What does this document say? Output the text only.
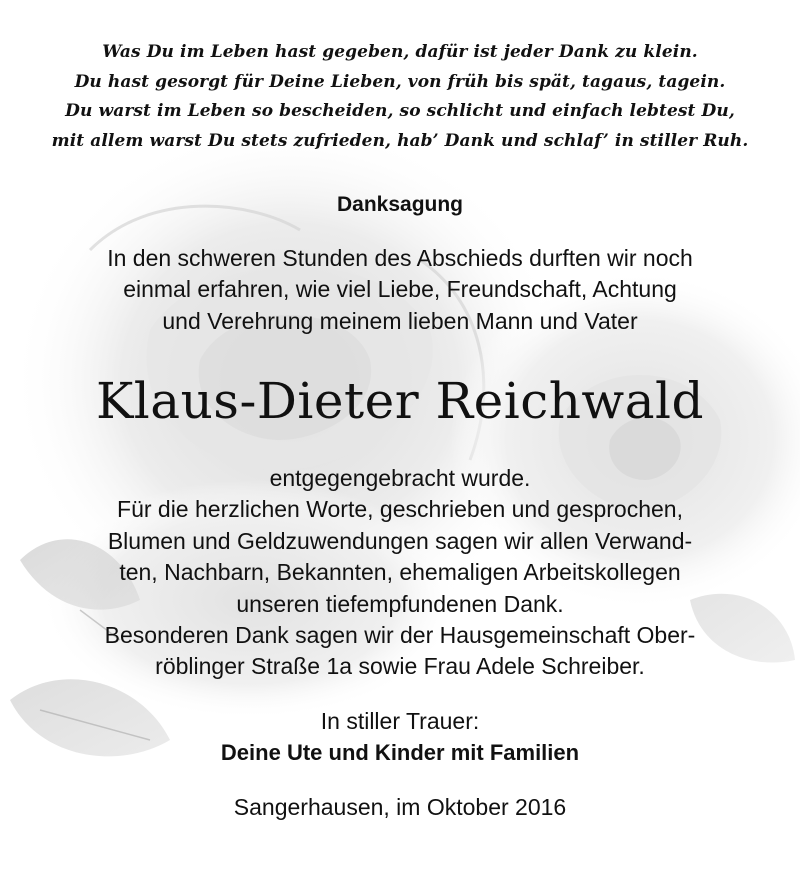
Was Du im Leben hast gegeben, dafür ist jeder Dank zu klein.
Du hast gesorgt für Deine Lieben, von früh bis spät, tagaus, tagein.
Du warst im Leben so bescheiden, so schlicht und einfach lebtest Du,
mit allem warst Du stets zufrieden, hab’ Dank und schlaf’ in stiller Ruh.
Danksagung
In den schweren Stunden des Abschieds durften wir noch
einmal erfahren, wie viel Liebe, Freundschaft, Achtung
und Verehrung meinem lieben Mann und Vater
Klaus-Dieter Reichwald
entgegengebracht wurde.
Für die herzlichen Worte, geschrieben und gesprochen,
Blumen und Geldzuwendungen sagen wir allen Verwand-
ten, Nachbarn, Bekannten, ehemaligen Arbeitskollegen
unseren tiefempfundenen Dank.
Besonderen Dank sagen wir der Hausgemeinschaft Ober-
röblinger Straße 1a sowie Frau Adele Schreiber.
In stiller Trauer:
Deine Ute und Kinder mit Familien
Sangerhausen, im Oktober 2016
